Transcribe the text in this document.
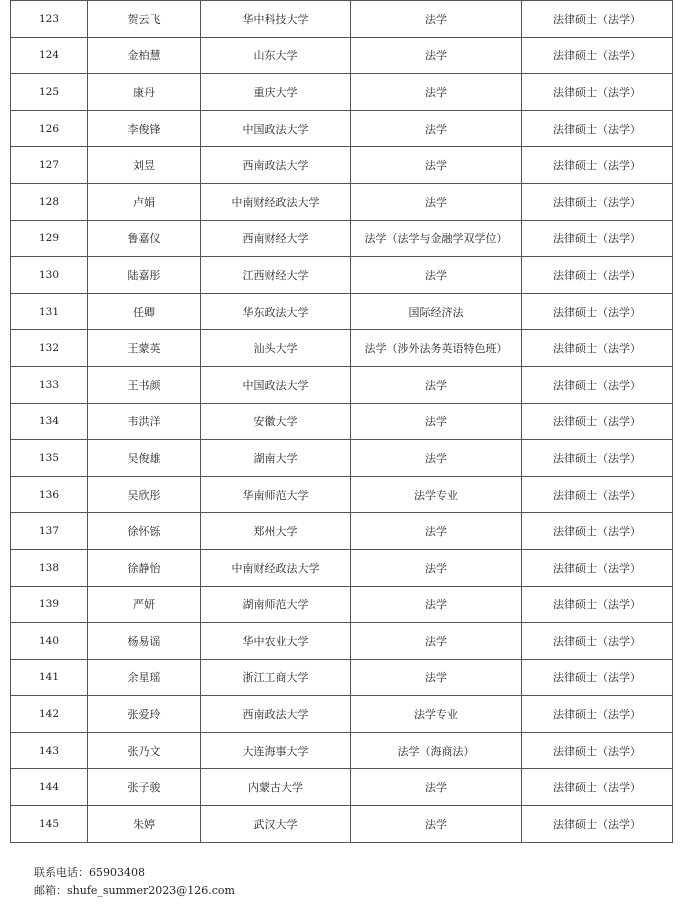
123	贺云飞	华中科技大学	法学	法律硕士（法学）
124	金柏慧	山东大学	法学	法律硕士（法学）
125	康丹	重庆大学	法学	法律硕士（法学）
126	李俊锋	中国政法大学	法学	法律硕士（法学）
127	刘昱	西南政法大学	法学	法律硕士（法学）
128	卢娟	中南财经政法大学	法学	法律硕士（法学）
129	鲁嘉仪	西南财经大学	法学（法学与金融学双学位）	法律硕士（法学）
130	陆嘉彤	江西财经大学	法学	法律硕士（法学）
131	任卿	华东政法大学	国际经济法	法律硕士（法学）
132	王蒙英	汕头大学	法学（涉外法务英语特色班）	法律硕士（法学）
133	王书颜	中国政法大学	法学	法律硕士（法学）
134	韦洪洋	安徽大学	法学	法律硕士（法学）
135	吴俊雄	湖南大学	法学	法律硕士（法学）
136	吴欣彤	华南师范大学	法学专业	法律硕士（法学）
137	徐怀铄	郑州大学	法学	法律硕士（法学）
138	徐静怡	中南财经政法大学	法学	法律硕士（法学）
139	严妍	湖南师范大学	法学	法律硕士（法学）
140	杨易谣	华中农业大学	法学	法律硕士（法学）
141	余星瑶	浙江工商大学	法学	法律硕士（法学）
142	张爱玲	西南政法大学	法学专业	法律硕士（法学）
143	张乃文	大连海事大学	法学（海商法）	法律硕士（法学）
144	张子骏	内蒙古大学	法学	法律硕士（法学）
145	朱婷	武汉大学	法学	法律硕士（法学）
联系电话：65903408
邮箱：shufe_summer2023@126.com
